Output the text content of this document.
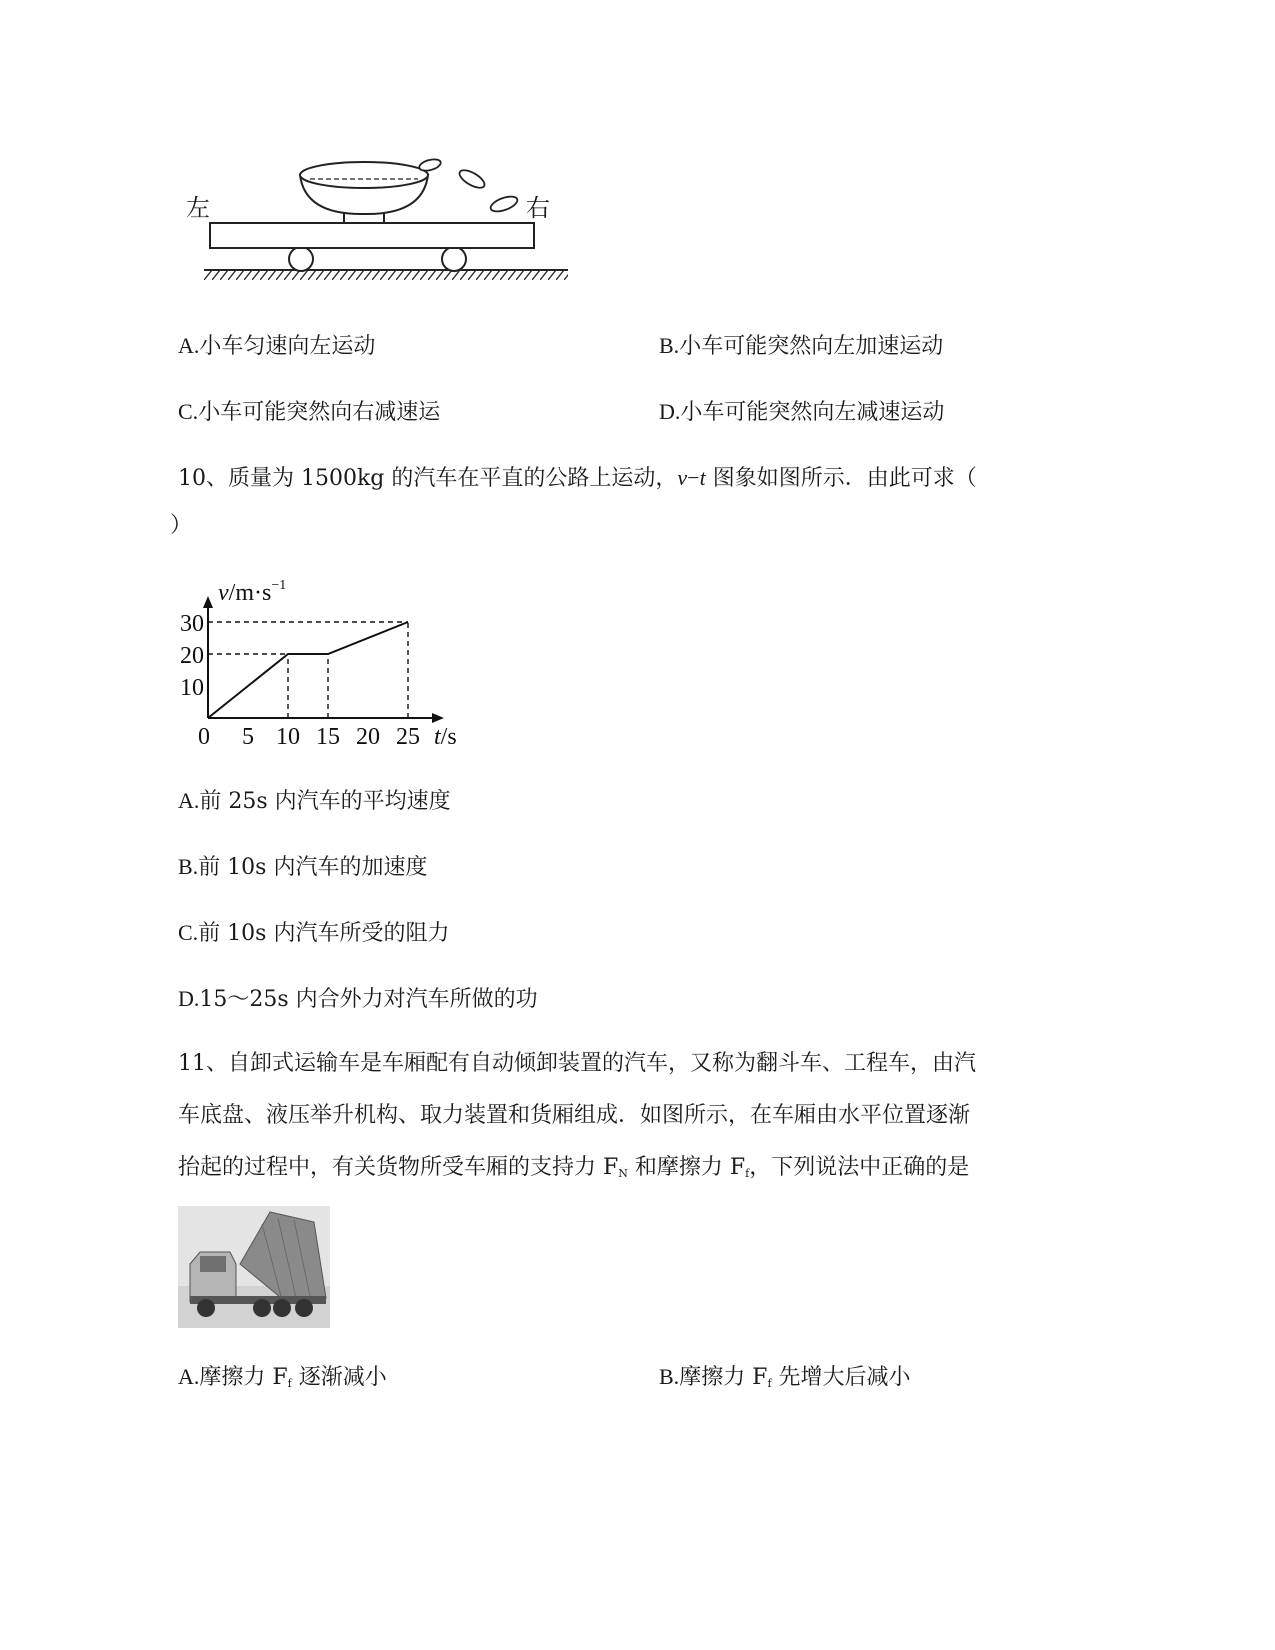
左	右
A.小车匀速向左运动	B.小车可能突然向左加速运动
C.小车可能突然向右减速运	D.小车可能突然向左减速运动
10、质量为 1500kg 的汽车在平直的公路上运动，v−t 图象如图所示．由此可求（
）
0 5 10 15 20 25
10
20
30
t/s
$v/m\cdot s^{-1}$
A.前 25s 内汽车的平均速度
B.前 10s 内汽车的加速度
C.前 10s 内汽车所受的阻力
D.15～25s 内合外力对汽车所做的功
11、自卸式运输车是车厢配有自动倾卸装置的汽车，又称为翻斗车、工程车，由汽
车底盘、液压举升机构、取力装置和货厢组成．如图所示，在车厢由水平位置逐渐
抬起的过程中，有关货物所受车厢的支持力 $F_N$ 和摩擦力 $F_f$，下列说法中正确的是
A.摩擦力 $F_f$ 逐渐减小	B.摩擦力 $F_f$ 先增大后减小
